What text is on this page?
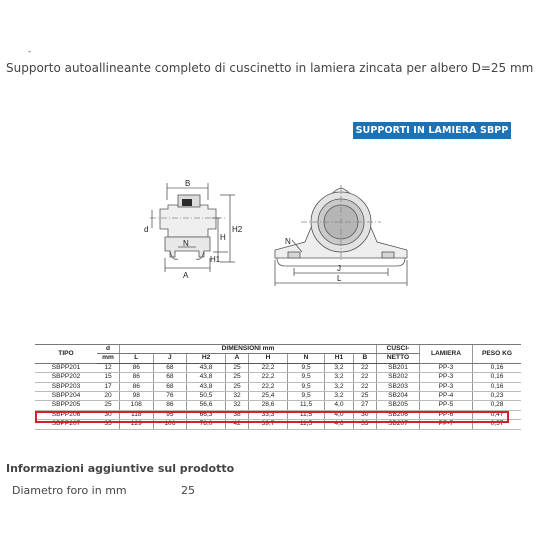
-
Supporto autoallineante completo di cuscinetto in lamiera zincata per albero D=25 mm
SUPPORTI IN LAMIERA SBPP
B
d	H2
H
H1
N
A
N
J
L
TIPO	d	DIMENSIONI mm								CUSCI-	LAMIERA	PESO KG
	mm	L	J	H2	A	H	N	H1	B	NETTO		
SBPP201	12	86	68	43,8	25	22,2	9,5	3,2	22	SB201	PP-3	0,16
SBPP202	15	86	68	43,8	25	22,2	9,5	3,2	22	SB202	PP-3	0,16
SBPP203	17	86	68	43,8	25	22,2	9,5	3,2	22	SB203	PP-3	0,16
SBPP204	20	98	76	50,5	32	25,4	9,5	3,2	25	SB204	PP-4	0,23
SBPP205	25	108	86	56,6	32	28,6	11,5	4,0	27	SB205	PP-5	0,28
SBPP206	30	118	95	66,3	38	33,3	11,5	4,0	30	SB206	PP-6	0,47
SBPP207	35	129	106	78,0	42	39,7	11,5	4,6	33	SB207	PP-7	0,57
Informazioni aggiuntive sul prodotto
Diametro foro in mm	25
